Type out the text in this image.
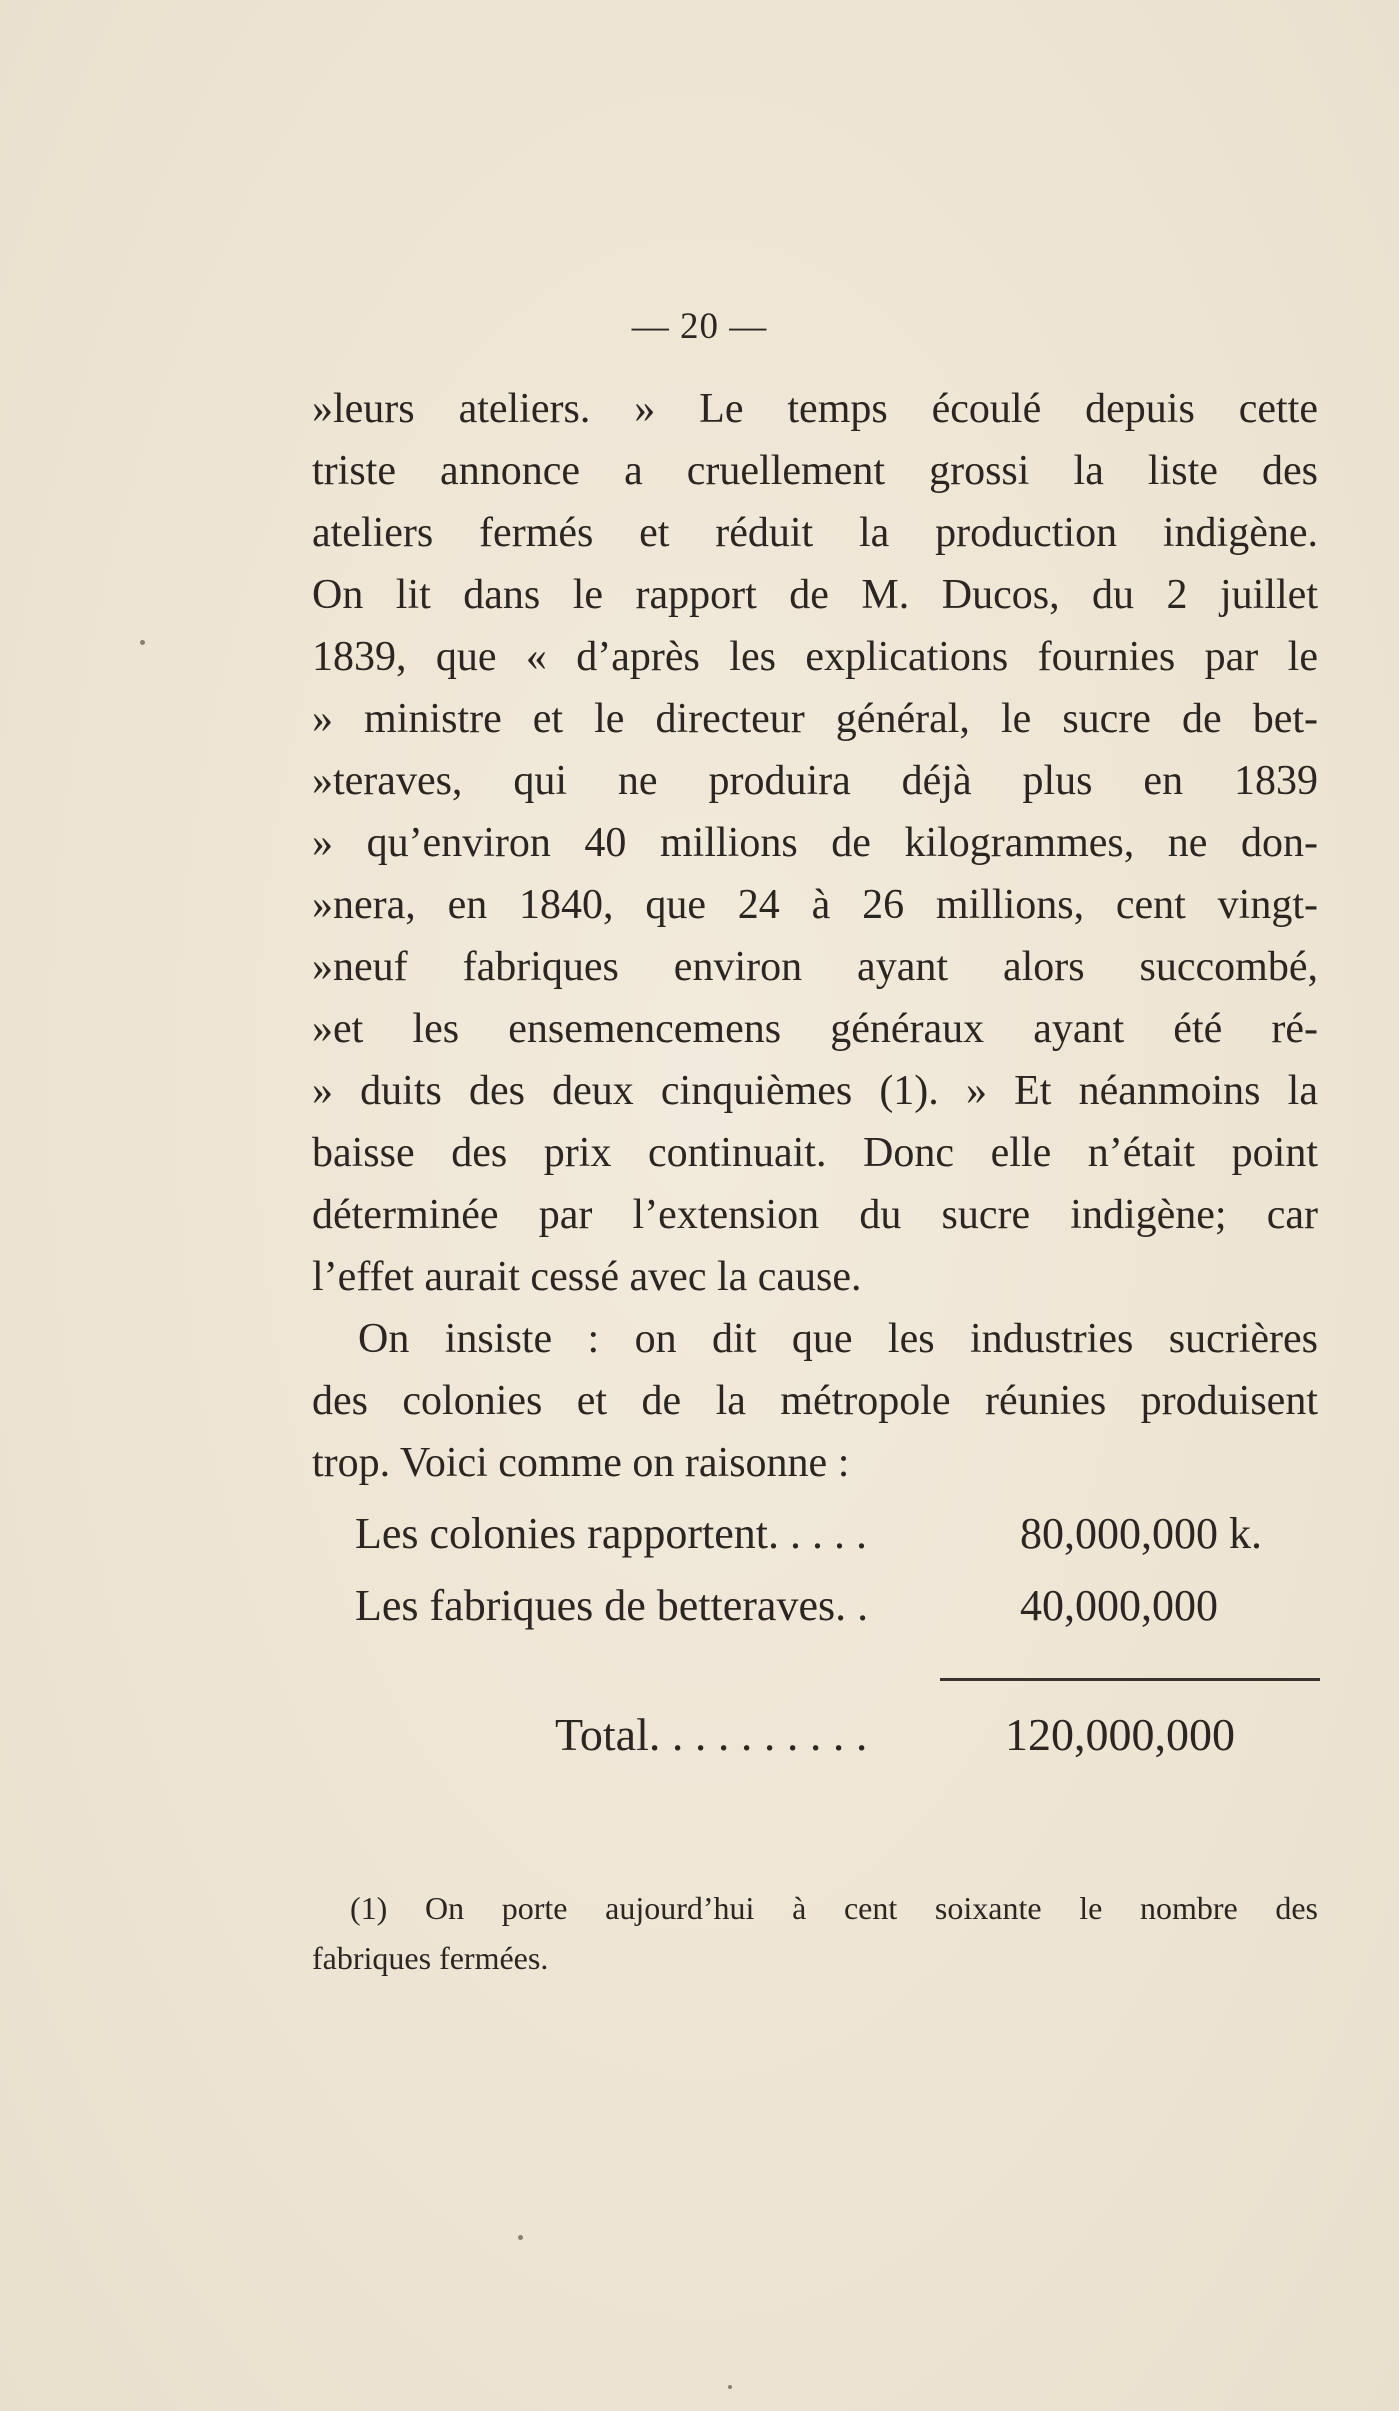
— 20 —
»leurs ateliers. » Le temps écoulé depuis cette
triste annonce a cruellement grossi la liste des
ateliers fermés et réduit la production indigène.
On lit dans le rapport de M. Ducos, du 2 juillet
1839, que « d’après les explications fournies par le
» ministre et le directeur général, le sucre de bet-
»teraves, qui ne produira déjà plus en 1839
» qu’environ 40 millions de kilogrammes, ne don-
»nera, en 1840, que 24 à 26 millions, cent vingt-
»neuf fabriques environ ayant alors succombé,
»et les ensemencemens généraux ayant été ré-
» duits des deux cinquièmes (1). » Et néanmoins la
baisse des prix continuait. Donc elle n’était point
déterminée par l’extension du sucre indigène; car
l’effet aurait cessé avec la cause.
On insiste : on dit que les industries sucrières
des colonies et de la métropole réunies produisent
trop. Voici comme on raisonne :
Les colonies rapportent. . . . .	80,000,000 k.
Les fabriques de betteraves. .	40,000,000
Total. . . . . . . . . .	120,000,000
(1) On porte aujourd’hui à cent soixante le nombre des
fabriques fermées.
